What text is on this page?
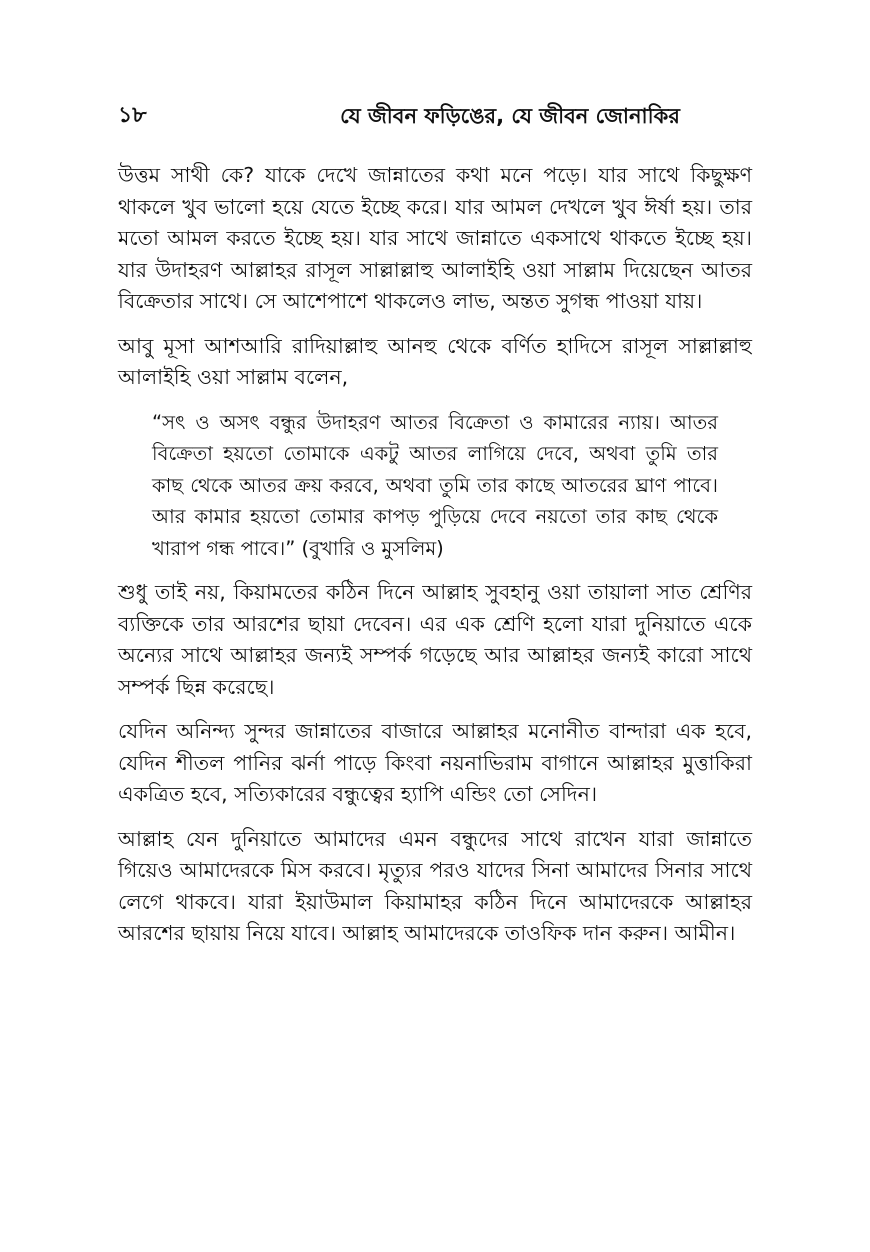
১৮	যে জীবন ফড়িঙের, যে জীবন জোনাকির

উত্তম সাথী কে? যাকে দেখে জান্নাতের কথা মনে পড়ে। যার সাথে কিছুক্ষণ থাকলে খুব ভালো হয়ে যেতে ইচ্ছে করে। যার আমল দেখলে খুব ঈর্ষা হয়। তার মতো আমল করতে ইচ্ছে হয়। যার সাথে জান্নাতে একসাথে থাকতে ইচ্ছে হয়। যার উদাহরণ আল্লাহর রাসূল সাল্লাল্লাহু আলাইহি ওয়া সাল্লাম দিয়েছেন আতর বিক্রেতার সাথে। সে আশেপাশে থাকলেও লাভ, অন্তত সুগন্ধ পাওয়া যায়।

আবু মূসা আশআরি রাদিয়াল্লাহু আনহু থেকে বর্ণিত হাদিসে রাসূল সাল্লাল্লাহু আলাইহি ওয়া সাল্লাম বলেন,

“সৎ ও অসৎ বন্ধুর উদাহরণ আতর বিক্রেতা ও কামারের ন্যায়। আতর বিক্রেতা হয়তো তোমাকে একটু আতর লাগিয়ে দেবে, অথবা তুমি তার কাছ থেকে আতর ক্রয় করবে, অথবা তুমি তার কাছে আতরের ঘ্রাণ পাবে। আর কামার হয়তো তোমার কাপড় পুড়িয়ে দেবে নয়তো তার কাছ থেকে খারাপ গন্ধ পাবে।” (বুখারি ও মুসলিম)

শুধু তাই নয়, কিয়ামতের কঠিন দিনে আল্লাহ সুবহানু ওয়া তায়ালা সাত শ্রেণির ব্যক্তিকে তার আরশের ছায়া দেবেন। এর এক শ্রেণি হলো যারা দুনিয়াতে একে অন্যের সাথে আল্লাহর জন্যই সম্পর্ক গড়েছে আর আল্লাহর জন্যই কারো সাথে সম্পর্ক ছিন্ন করেছে।

যেদিন অনিন্দ্য সুন্দর জান্নাতের বাজারে আল্লাহর মনোনীত বান্দারা এক হবে, যেদিন শীতল পানির ঝর্না পাড়ে কিংবা নয়নাভিরাম বাগানে আল্লাহর মুত্তাকিরা একত্রিত হবে, সত্যিকারের বন্ধুত্বের হ্যাপি এন্ডিং তো সেদিন।

আল্লাহ যেন দুনিয়াতে আমাদের এমন বন্ধুদের সাথে রাখেন যারা জান্নাতে গিয়েও আমাদেরকে মিস করবে। মৃত্যুর পরও যাদের সিনা আমাদের সিনার সাথে লেগে থাকবে। যারা ইয়াউমাল কিয়ামাহর কঠিন দিনে আমাদেরকে আল্লাহর আরশের ছায়ায় নিয়ে যাবে। আল্লাহ আমাদেরকে তাওফিক দান করুন। আমীন।
